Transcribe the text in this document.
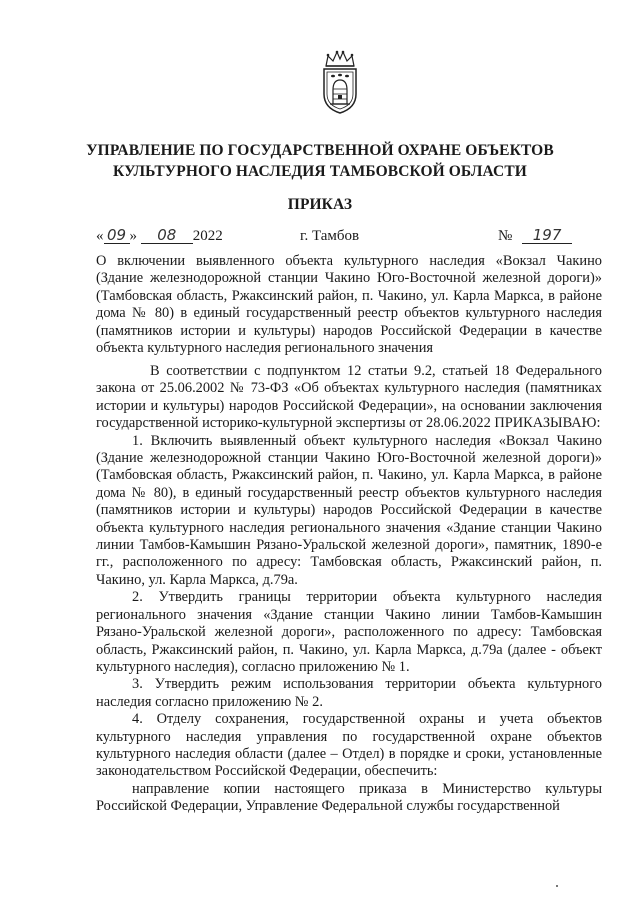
УПРАВЛЕНИЕ ПО ГОСУДАРСТВЕННОЙ ОХРАНЕ ОБЪЕКТОВ
КУЛЬТУРНОГО НАСЛЕДИЯ ТАМБОВСКОЙ ОБЛАСТИ
ПРИКАЗ
« 09 » 08 2022	г. Тамбов	№ 197
О включении выявленного объекта культурного наследия «Вокзал Чакино (Здание железнодорожной станции Чакино Юго-Восточной железной дороги)» (Тамбовская область, Ржаксинский район, п. Чакино, ул. Карла Маркса, в районе дома № 80) в единый государственный реестр объектов культурного наследия (памятников истории и культуры) народов Российской Федерации в качестве объекта культурного наследия регионального значения

В соответствии с подпунктом 12 статьи 9.2, статьей 18 Федерального закона от 25.06.2002 № 73-ФЗ «Об объектах культурного наследия (памятниках истории и культуры) народов Российской Федерации», на основании заключения государственной историко-культурной экспертизы от 28.06.2022 ПРИКАЗЫВАЮ:

1. Включить выявленный объект культурного наследия «Вокзал Чакино (Здание железнодорожной станции Чакино Юго-Восточной железной дороги)» (Тамбовская область, Ржаксинский район, п. Чакино, ул. Карла Маркса, в районе дома № 80), в единый государственный реестр объектов культурного наследия (памятников истории и культуры) народов Российской Федерации в качестве объекта культурного наследия регионального значения «Здание станции Чакино линии Тамбов-Камышин Рязано-Уральской железной дороги», памятник, 1890-е гг., расположенного по адресу: Тамбовская область, Ржаксинский район, п. Чакино, ул. Карла Маркса, д.79а.

2. Утвердить границы территории объекта культурного наследия регионального значения «Здание станции Чакино линии Тамбов-Камышин Рязано-Уральской железной дороги», расположенного по адресу: Тамбовская область, Ржаксинский район, п. Чакино, ул. Карла Маркса, д.79а (далее - объект культурного наследия), согласно приложению № 1.

3. Утвердить режим использования территории объекта культурного наследия согласно приложению № 2.

4. Отделу сохранения, государственной охраны и учета объектов культурного наследия управления по государственной охране объектов культурного наследия области (далее – Отдел) в порядке и сроки, установленные законодательством Российской Федерации, обеспечить:

направление копии настоящего приказа в Министерство культуры Российской Федерации, Управление Федеральной службы государственной
